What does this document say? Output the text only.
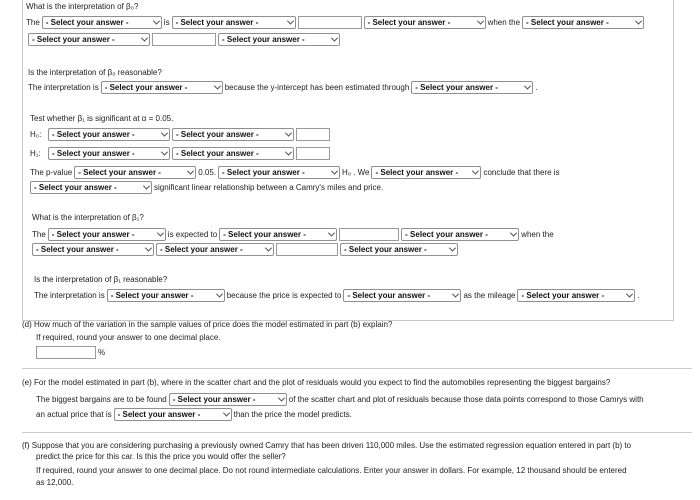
What is the interpretation of β₀?
The - Select your answer -	is - Select your answer -	- Select your answer -	when the - Select your answer -
- Select your answer -	- Select your answer -
Is the interpretation of β₀ reasonable?
The interpretation is - Select your answer -	because the y-intercept has been estimated through - Select your answer -	.
Test whether β₁ is significant at α = 0.05.
H₀:	- Select your answer -	- Select your answer -
H₁:	- Select your answer -	- Select your answer -
The p-value - Select your answer -	0.05. - Select your answer -	H₀ . We - Select your answer -	conclude that there is
- Select your answer -	significant linear relationship between a Camry's miles and price.
What is the interpretation of β₁?
The - Select your answer -	is expected to - Select your answer -	- Select your answer -	when the
- Select your answer -	- Select your answer -	- Select your answer -
Is the interpretation of β₁ reasonable?
The interpretation is - Select your answer -	because the price is expected to - Select your answer -	as the mileage - Select your answer -	.
(d) How much of the variation in the sample values of price does the model estimated in part (b) explain?
If required, round your answer to one decimal place.
%
(e) For the model estimated in part (b), where in the scatter chart and the plot of residuals would you expect to find the automobiles representing the biggest bargains?
The biggest bargains are to be found - Select your answer -	of the scatter chart and plot of residuals because those data points correspond to those Camrys with
an actual price that is - Select your answer -	than the price the model predicts.
(f) Suppose that you are considering purchasing a previously owned Camry that has been driven 110,000 miles. Use the estimated regression equation entered in part (b) to
predict the price for this car. Is this the price you would offer the seller?
If required, round your answer to one decimal place. Do not round intermediate calculations. Enter your answer in dollars. For example, 12 thousand should be entered
as 12,000.
